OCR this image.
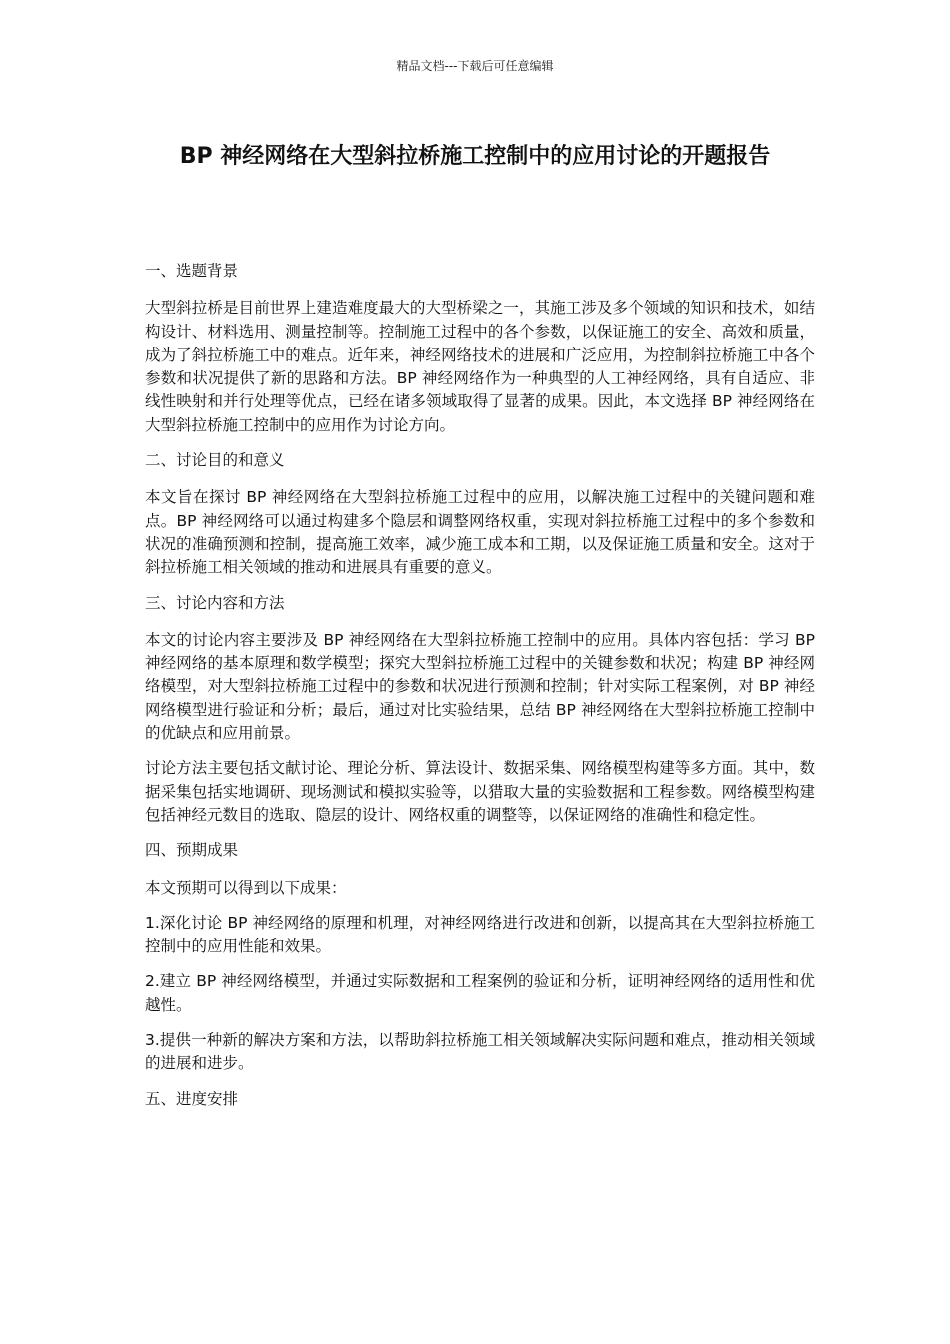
精品文档---下载后可任意编辑
BP 神经网络在大型斜拉桥施工控制中的应用讨论的开题报告
一、选题背景

大型斜拉桥是目前世界上建造难度最大的大型桥梁之一，其施工涉及多个领域的知识和技术，如结构设计、材料选用、测量控制等。控制施工过程中的各个参数，以保证施工的安全、高效和质量，成为了斜拉桥施工中的难点。近年来，神经网络技术的进展和广泛应用，为控制斜拉桥施工中各个参数和状况提供了新的思路和方法。BP 神经网络作为一种典型的人工神经网络，具有自适应、非线性映射和并行处理等优点，已经在诸多领域取得了显著的成果。因此，本文选择 BP 神经网络在大型斜拉桥施工控制中的应用作为讨论方向。

二、讨论目的和意义

本文旨在探讨 BP 神经网络在大型斜拉桥施工过程中的应用，以解决施工过程中的关键问题和难点。BP 神经网络可以通过构建多个隐层和调整网络权重，实现对斜拉桥施工过程中的多个参数和状况的准确预测和控制，提高施工效率，减少施工成本和工期，以及保证施工质量和安全。这对于斜拉桥施工相关领域的推动和进展具有重要的意义。

三、讨论内容和方法

本文的讨论内容主要涉及 BP 神经网络在大型斜拉桥施工控制中的应用。具体内容包括：学习 BP 神经网络的基本原理和数学模型；探究大型斜拉桥施工过程中的关键参数和状况；构建 BP 神经网络模型，对大型斜拉桥施工过程中的参数和状况进行预测和控制；针对实际工程案例，对 BP 神经网络模型进行验证和分析；最后，通过对比实验结果，总结 BP 神经网络在大型斜拉桥施工控制中的优缺点和应用前景。

讨论方法主要包括文献讨论、理论分析、算法设计、数据采集、网络模型构建等多方面。其中，数据采集包括实地调研、现场测试和模拟实验等，以猎取大量的实验数据和工程参数。网络模型构建包括神经元数目的选取、隐层的设计、网络权重的调整等，以保证网络的准确性和稳定性。

四、预期成果

本文预期可以得到以下成果：

1.深化讨论 BP 神经网络的原理和机理，对神经网络进行改进和创新，以提高其在大型斜拉桥施工控制中的应用性能和效果。

2.建立 BP 神经网络模型，并通过实际数据和工程案例的验证和分析，证明神经网络的适用性和优越性。

3.提供一种新的解决方案和方法，以帮助斜拉桥施工相关领域解决实际问题和难点，推动相关领域的进展和进步。

五、进度安排
